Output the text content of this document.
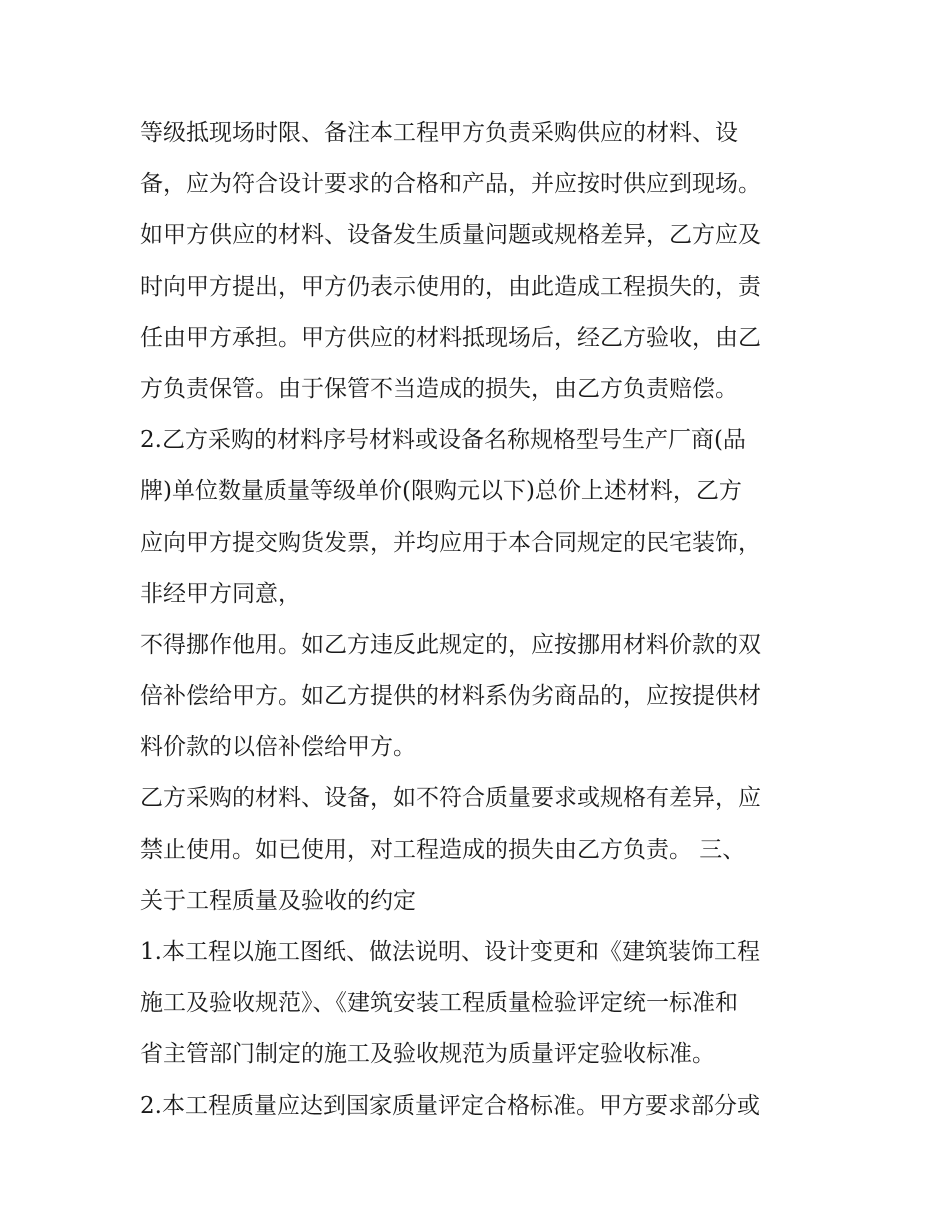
等级抵现场时限、备注本工程甲方负责采购供应的材料、设
备，应为符合设计要求的合格和产品，并应按时供应到现场。
如甲方供应的材料、设备发生质量问题或规格差异，乙方应及
时向甲方提出，甲方仍表示使用的，由此造成工程损失的，责
任由甲方承担。甲方供应的材料抵现场后，经乙方验收，由乙
方负责保管。由于保管不当造成的损失，由乙方负责赔偿。
2.乙方采购的材料序号材料或设备名称规格型号生产厂商(品
牌)单位数量质量等级单价(限购元以下)总价上述材料，乙方
应向甲方提交购货发票，并均应用于本合同规定的民宅装饰，
非经甲方同意，
不得挪作他用。如乙方违反此规定的，应按挪用材料价款的双
倍补偿给甲方。如乙方提供的材料系伪劣商品的，应按提供材
料价款的以倍补偿给甲方。
乙方采购的材料、设备，如不符合质量要求或规格有差异，应
禁止使用。如已使用，对工程造成的损失由乙方负责。 三、
关于工程质量及验收的约定
1.本工程以施工图纸、做法说明、设计变更和《建筑装饰工程
施工及验收规范》、《建筑安装工程质量检验评定统一标准和
省主管部门制定的施工及验收规范为质量评定验收标准。
2.本工程质量应达到国家质量评定合格标准。甲方要求部分或
